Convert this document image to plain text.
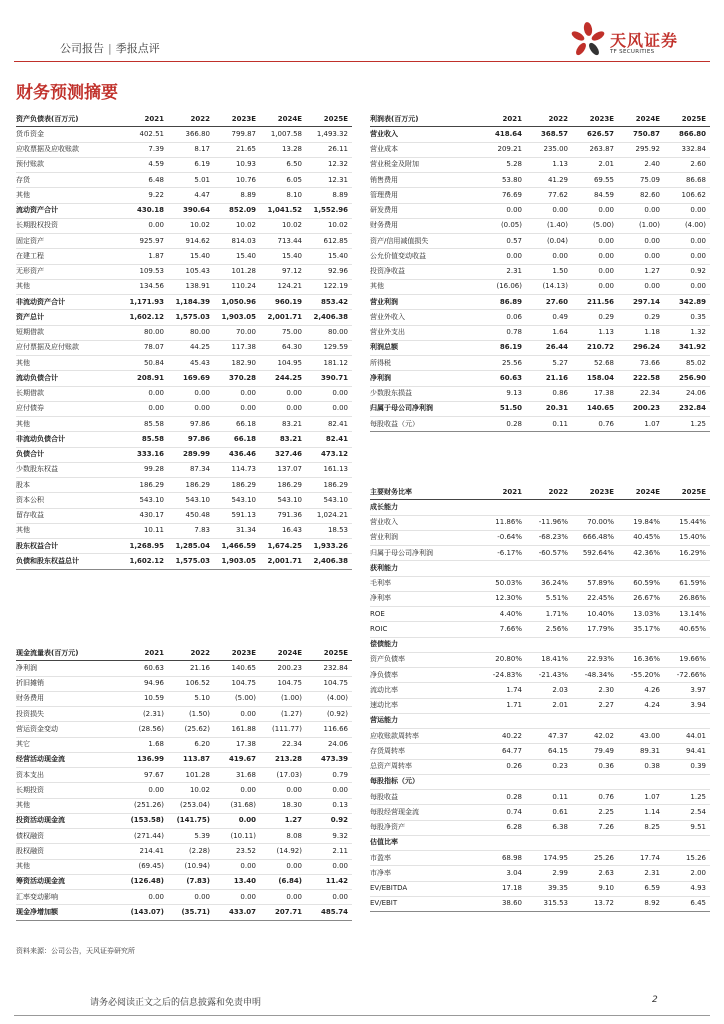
公司报告 | 季报点评	天风证券
TF SECURITIES
财务预测摘要
资产负债表(百万元)	2021	2022	2023E	2024E	2025E
货币资金	402.51	366.80	799.87	1,007.58	1,493.32
应收票据及应收账款	7.39	8.17	21.65	13.28	26.11
预付账款	4.59	6.19	10.93	6.50	12.32
存货	6.48	5.01	10.76	6.05	12.31
其他	9.22	4.47	8.89	8.10	8.89
流动资产合计	430.18	390.64	852.09	1,041.52	1,552.96
长期股权投资	0.00	10.02	10.02	10.02	10.02
固定资产	925.97	914.62	814.03	713.44	612.85
在建工程	1.87	15.40	15.40	15.40	15.40
无形资产	109.53	105.43	101.28	97.12	92.96
其他	134.56	138.91	110.24	124.21	122.19
非流动资产合计	1,171.93	1,184.39	1,050.96	960.19	853.42
资产总计	1,602.12	1,575.03	1,903.05	2,001.71	2,406.38
短期借款	80.00	80.00	70.00	75.00	80.00
应付票据及应付账款	78.07	44.25	117.38	64.30	129.59
其他	50.84	45.43	182.90	104.95	181.12
流动负债合计	208.91	169.69	370.28	244.25	390.71
长期借款	0.00	0.00	0.00	0.00	0.00
应付债券	0.00	0.00	0.00	0.00	0.00
其他	85.58	97.86	66.18	83.21	82.41
非流动负债合计	85.58	97.86	66.18	83.21	82.41
负债合计	333.16	289.99	436.46	327.46	473.12
少数股东权益	99.28	87.34	114.73	137.07	161.13
股本	186.29	186.29	186.29	186.29	186.29
资本公积	543.10	543.10	543.10	543.10	543.10
留存收益	430.17	450.48	591.13	791.36	1,024.21
其他	10.11	7.83	31.34	16.43	18.53
股东权益合计	1,268.95	1,285.04	1,466.59	1,674.25	1,933.26
负债和股东权益总计	1,602.12	1,575.03	1,903.05	2,001.71	2,406.38
利润表(百万元)	2021	2022	2023E	2024E	2025E
营业收入	418.64	368.57	626.57	750.87	866.80
营业成本	209.21	235.00	263.87	295.92	332.84
营业税金及附加	5.28	1.13	2.01	2.40	2.60
销售费用	53.80	41.29	69.55	75.09	86.68
管理费用	76.69	77.62	84.59	82.60	106.62
研发费用	0.00	0.00	0.00	0.00	0.00
财务费用	(0.05)	(1.40)	(5.00)	(1.00)	(4.00)
资产/信用减值损失	0.57	(0.04)	0.00	0.00	0.00
公允价值变动收益	0.00	0.00	0.00	0.00	0.00
投资净收益	2.31	1.50	0.00	1.27	0.92
其他	(16.06)	(14.13)	0.00	0.00	0.00
营业利润	86.89	27.60	211.56	297.14	342.89
营业外收入	0.06	0.49	0.29	0.29	0.35
营业外支出	0.78	1.64	1.13	1.18	1.32
利润总额	86.19	26.44	210.72	296.24	341.92
所得税	25.56	5.27	52.68	73.66	85.02
净利润	60.63	21.16	158.04	222.58	256.90
少数股东损益	9.13	0.86	17.38	22.34	24.06
归属于母公司净利润	51.50	20.31	140.65	200.23	232.84
每股收益（元）	0.28	0.11	0.76	1.07	1.25
主要财务比率	2021	2022	2023E	2024E	2025E
成长能力					
营业收入	11.86%	-11.96%	70.00%	19.84%	15.44%
营业利润	-0.64%	-68.23%	666.48%	40.45%	15.40%
归属于母公司净利润	-6.17%	-60.57%	592.64%	42.36%	16.29%
获利能力					
毛利率	50.03%	36.24%	57.89%	60.59%	61.59%
净利率	12.30%	5.51%	22.45%	26.67%	26.86%
ROE	4.40%	1.71%	10.40%	13.03%	13.14%
ROIC	7.66%	2.56%	17.79%	35.17%	40.65%
偿债能力					
资产负债率	20.80%	18.41%	22.93%	16.36%	19.66%
净负债率	-24.83%	-21.43%	-48.34%	-55.20%	-72.66%
流动比率	1.74	2.03	2.30	4.26	3.97
速动比率	1.71	2.01	2.27	4.24	3.94
营运能力					
应收账款周转率	40.22	47.37	42.02	43.00	44.01
存货周转率	64.77	64.15	79.49	89.31	94.41
总资产周转率	0.26	0.23	0.36	0.38	0.39
每股指标（元）					
每股收益	0.28	0.11	0.76	1.07	1.25
每股经营现金流	0.74	0.61	2.25	1.14	2.54
每股净资产	6.28	6.38	7.26	8.25	9.51
估值比率					
市盈率	68.98	174.95	25.26	17.74	15.26
市净率	3.04	2.99	2.63	2.31	2.00
EV/EBITDA	17.18	39.35	9.10	6.59	4.93
EV/EBIT	38.60	315.53	13.72	8.92	6.45
现金流量表(百万元)	2021	2022	2023E	2024E	2025E
净利润	60.63	21.16	140.65	200.23	232.84
折旧摊销	94.96	106.52	104.75	104.75	104.75
财务费用	10.59	5.10	(5.00)	(1.00)	(4.00)
投资损失	(2.31)	(1.50)	0.00	(1.27)	(0.92)
营运资金变动	(28.56)	(25.62)	161.88	(111.77)	116.66
其它	1.68	6.20	17.38	22.34	24.06
经营活动现金流	136.99	113.87	419.67	213.28	473.39
资本支出	97.67	101.28	31.68	(17.03)	0.79
长期投资	0.00	10.02	0.00	0.00	0.00
其他	(251.26)	(253.04)	(31.68)	18.30	0.13
投资活动现金流	(153.58)	(141.75)	0.00	1.27	0.92
债权融资	(271.44)	5.39	(10.11)	8.08	9.32
股权融资	214.41	(2.28)	23.52	(14.92)	2.11
其他	(69.45)	(10.94)	0.00	0.00	0.00
筹资活动现金流	(126.48)	(7.83)	13.40	(6.84)	11.42
汇率变动影响	0.00	0.00	0.00	0.00	0.00
现金净增加额	(143.07)	(35.71)	433.07	207.71	485.74
资料来源：公司公告，天风证券研究所
请务必阅读正文之后的信息披露和免责申明	2
